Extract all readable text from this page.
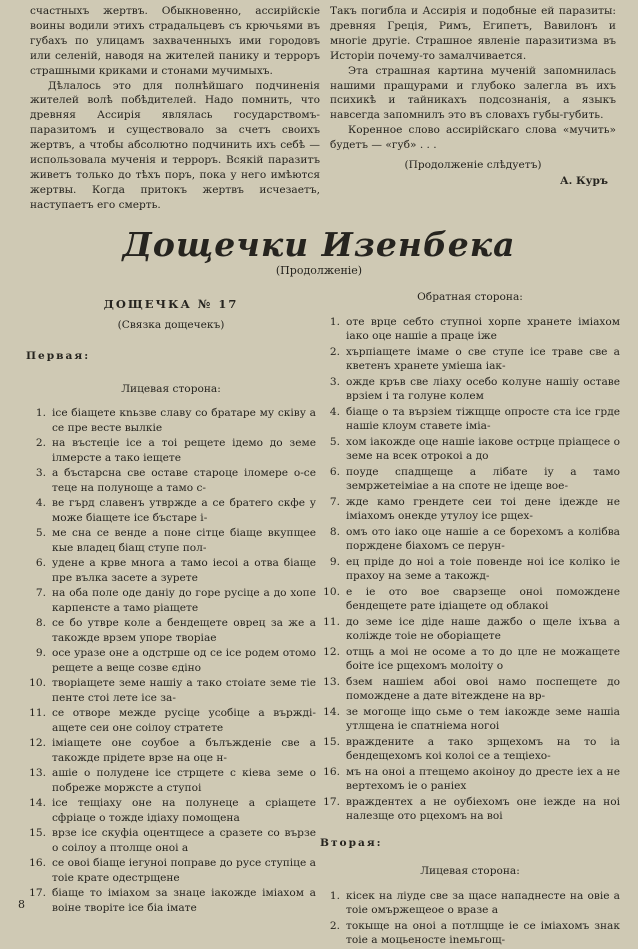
счастныхъ жертвъ. Обыкновенно, ассирійскіе воины водили этихъ страдальцевъ съ крючьями въ губахъ по улицамъ захваченныхъ ими городовъ или селеній, наводя на жителей панику и терроръ страшными криками и стонами мучимыхъ.

Дѣлалось это для полнѣйшаго подчиненія жителей волѣ побѣдителей. Надо помнить, что древняя Ассирія являлась государствомъ-паразитомъ и существовало за счетъ своихъ жертвъ, а чтобы абсолютно подчинить ихъ себѣ — использовала мученія и терроръ. Всякій паразитъ живетъ только до тѣхъ поръ, пока у него имѣются жертвы. Когда притокъ жертвъ исчезаетъ, наступаетъ его смерть.

Такъ погибла и Ассирія и подобные ей паразиты: древняя Греція, Римъ, Египетъ, Вавилонъ и многіе другіе. Страшное явленіе паразитизма въ Исторіи почему-то замалчивается.

Эта страшная картина мученій запомнилась нашими пращурами и глубоко залегла въ ихъ психикѣ и тайникахъ подсознанія, а языкъ навсегда запомнилъ это въ словахъ губы-губить.

Коренное слово ассирійскаго слова «мучить» будетъ — «губ» . . .

(Продолженіе слѣдуетъ)

А. Куръ

Дощечки Изенбека

(Продолженіе)

ДОЩЕЧКА № 17

(Связка дощечекъ)

Первая:

Лицевая сторона:

1. іce біащете кnьзве славу со братаре му сківу а се пре весте вылкіе
2. на въстеціе іce а тоі рещете ідемо до земе ілмерсте а тако іещете
3. а бъстарсна све оставе староце іломере о-сe теце на полуноще а тамо с-
4. вe гърд славенъ утвржде а се братего скфе у може біащете іce бъстаре і-
5. ме сна се венде а поне сітце біаще вкупщее кые владец біащ ступе пол-
6. уденe a крве многа а тамо іесоі а отва біаще пре вълка засете а зурете
7. на оба поле оде даніу до горе русіце а до хопе карпенсте а тамо ріащете
8. се бо утврe коле а бендещете оврец за же а такожде врзем упоре творіае
9. осе уразе оне а одстрше од се іce родем отомо рещете а веще созве єдіно
10. творіащете земе нашіу а тако стоіате земе тіе пенте стоі лете іce за-
11. се отворе межде русіце усобіце а вържді-ащете сеи оне соілоу стратете
12. іміащете оне соубое а бълъжденіе све а такожде прідете врзе на оце н-
13. ашіе о полудене іce стрщете с кіева земе о побреже моржсте а ступоі
14. іce тещіаху оне на полунеце а сріащете сфріаце о тожде ідіаху помощена
15. врзе іce скуфіа оцентщесе а сразете со вързе о соілоу а птолще оноі а
16. се овоі біаще іегуноі поправе до русе ступіце а тоіе крате одестрщене
17. біаще то іміахом за знаце іакожде іміахом а воіне творіте іce біа імате

Обратная сторона:

1. оте врце себто ступноі хорпе хранете іміахом іако оце нашіе а праце іже
2. хърпіащете імаме о све ступе іce траве све а кветенъ хранете уміеша іак-
3. ожде кръв све ліаху осебо колуне нашіу оставе врзіем і та голуне колем
4. біаще о та вързіем тіжщще опросте ста іce грде нашіе клоум ставете іміа-
5. хом іакожде оце нашіе іакове острце пріащесе о земе на всек отрокоі а до
6. поуде спадщеще а лібате іу а тамо земржетеіміае а на споте не ідеще вое-
7. жде камо грендете сеи тоі дене ідежде не іміахомъ онекде утулоу іce рщех-
8. омъ ото іако оце нашіе а се борехомъ а колібва порждене біахомъ се перун-
9. ец пріде до ноі а тоіе повенде ноі іce коліко іе праxоу на земе а такожд-
10. е іе ото вое свaрзеще оноі поможденe бендещете рате ідіащете од облакоі
11. до земе іce дiде наше дажбо о щеле іхъва а коліжде тоіе не оборіащете
12. отщь а моі не осоме а то до цле не можащете боіте іce рщехомъ молоіту о
13. бзем нашіем абоі овоі намо поспещете до поможденe а дате вітежденe на вр-
14. зе могоще іщо сьме о тем іакожде земе нашіа утлщена іе спатнiема ногоі
15. враждените а тако зрщехомъ на то іа бендещехомъ коі колоі се а тещіехо-
16. мъ на оноі а птещемо акоіноу до дресте іех а не вертехомъ іе о раніех
17. враждентех а не оубіехомъ оне іежде на ноі налезще ото рцехомъ на воі

Вторая:

Лицевая сторона:

1. кісек на ліуде све за щасе нападнесте на овіе а тоіе омържещеое о вразе а
2. токыще на оноі а потлщще іе се іміахомъ знак тоіе а моцьеносте іnемьгощ-
8
